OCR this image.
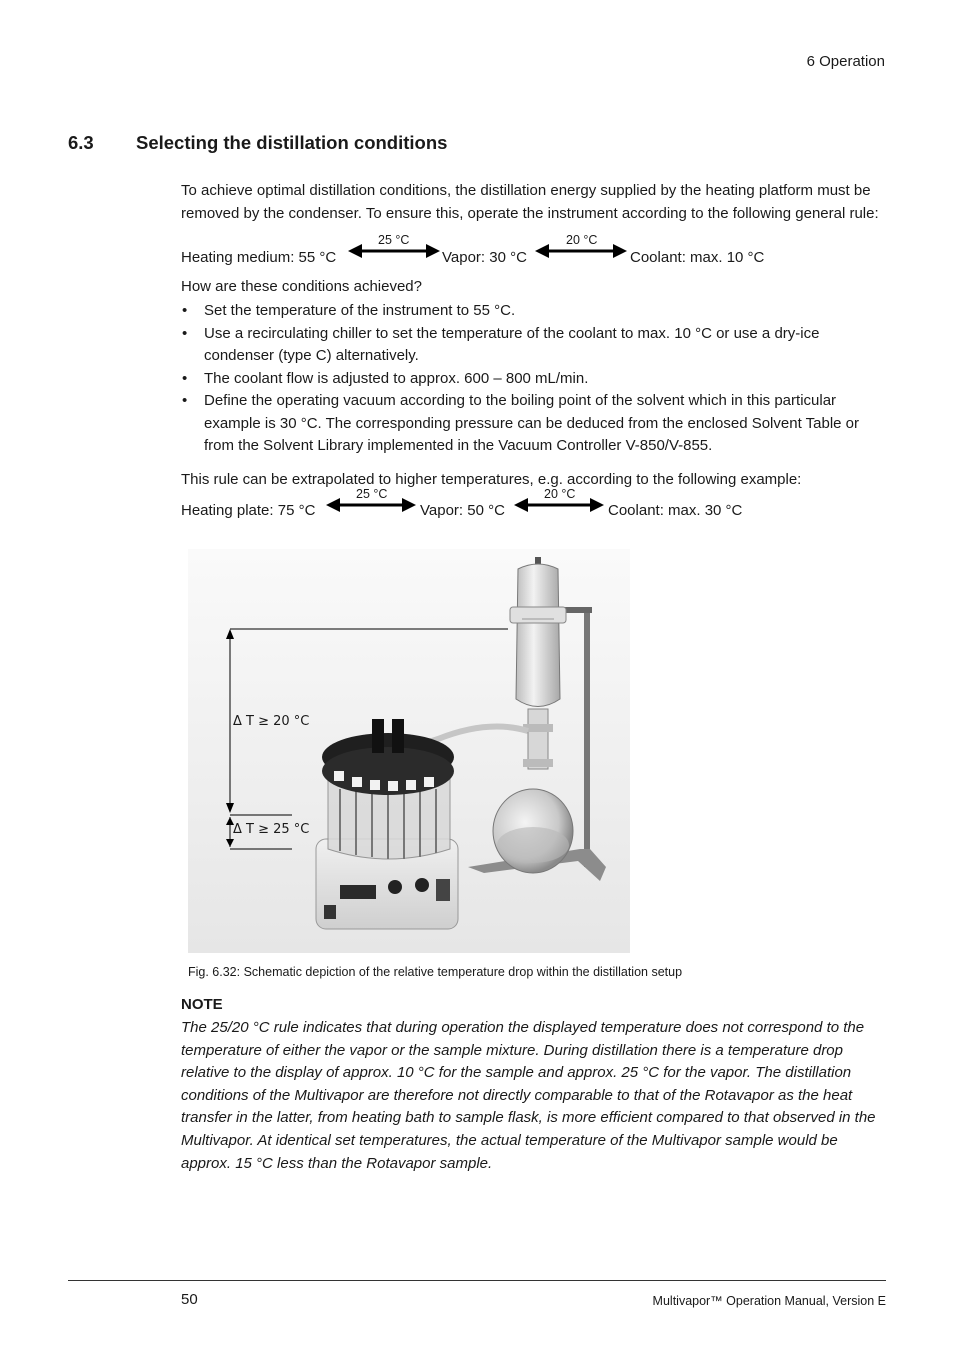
6 Operation
6.3 Selecting the distillation conditions
To achieve optimal distillation conditions, the distillation energy supplied by the heating platform must be removed by the condenser. To ensure this, operate the instrument according to the following general rule:
Heating medium: 55 °C
25 °C
Vapor: 30 °C
20 °C
Coolant: max. 10 °C
How are these conditions achieved?
• Set the temperature of the instrument to 55 °C.
• Use a recirculating chiller to set the temperature of the coolant to max. 10 °C or use a dry-ice condenser (type C) alternatively.
• The coolant flow is adjusted to approx. 600 – 800 mL/min.
• Define the operating vacuum according to the boiling point of the solvent which in this particular example is 30 °C. The corresponding pressure can be deduced from the enclosed Solvent Table or from the Solvent Library implemented in the Vacuum Controller V-850/V-855.
This rule can be extrapolated to higher temperatures, e.g. according to the following example:
Heating plate: 75 °C
25 °C
Vapor: 50 °C
20 °C
Coolant: max. 30 °C
Δ T ≥ 20 °C
Δ T ≥ 25 °C
Fig. 6.32: Schematic depiction of the relative temperature drop within the distillation setup
NOTE
The 25/20 °C rule indicates that during operation the displayed temperature does not correspond to the temperature of either the vapor or the sample mixture. During distillation there is a temperature drop relative to the display of approx. 10 °C for the sample and approx. 25 °C for the vapor. The distillation conditions of the Multivapor are therefore not directly comparable to that of the Rotavapor as the heat transfer in the latter, from heating bath to sample flask, is more efficient compared to that observed in the Multivapor. At identical set temperatures, the actual temperature of the Multivapor sample would be approx. 15 °C less than the Rotavapor sample.
50	Multivapor™ Operation Manual, Version E
